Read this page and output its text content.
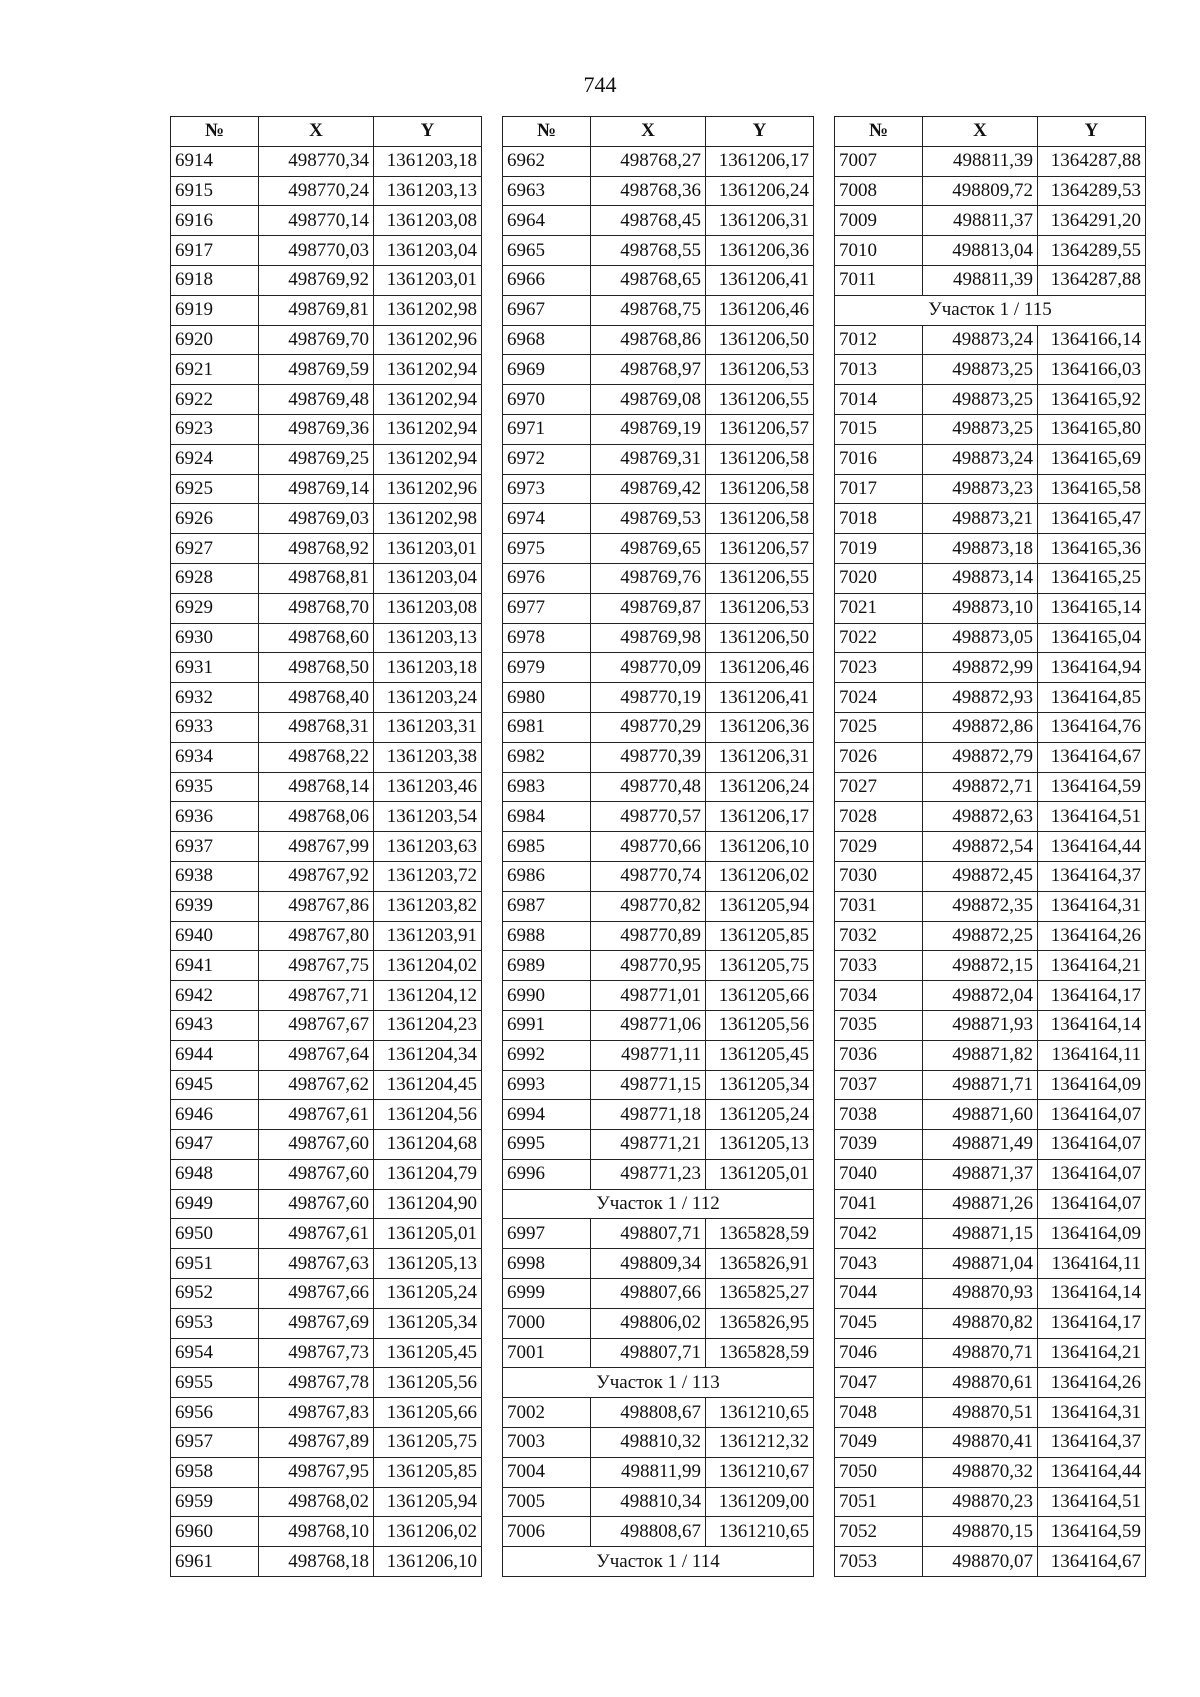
744
№	X	Y
6914	498770,34	1361203,18
6915	498770,24	1361203,13
6916	498770,14	1361203,08
6917	498770,03	1361203,04
6918	498769,92	1361203,01
6919	498769,81	1361202,98
6920	498769,70	1361202,96
6921	498769,59	1361202,94
6922	498769,48	1361202,94
6923	498769,36	1361202,94
6924	498769,25	1361202,94
6925	498769,14	1361202,96
6926	498769,03	1361202,98
6927	498768,92	1361203,01
6928	498768,81	1361203,04
6929	498768,70	1361203,08
6930	498768,60	1361203,13
6931	498768,50	1361203,18
6932	498768,40	1361203,24
6933	498768,31	1361203,31
6934	498768,22	1361203,38
6935	498768,14	1361203,46
6936	498768,06	1361203,54
6937	498767,99	1361203,63
6938	498767,92	1361203,72
6939	498767,86	1361203,82
6940	498767,80	1361203,91
6941	498767,75	1361204,02
6942	498767,71	1361204,12
6943	498767,67	1361204,23
6944	498767,64	1361204,34
6945	498767,62	1361204,45
6946	498767,61	1361204,56
6947	498767,60	1361204,68
6948	498767,60	1361204,79
6949	498767,60	1361204,90
6950	498767,61	1361205,01
6951	498767,63	1361205,13
6952	498767,66	1361205,24
6953	498767,69	1361205,34
6954	498767,73	1361205,45
6955	498767,78	1361205,56
6956	498767,83	1361205,66
6957	498767,89	1361205,75
6958	498767,95	1361205,85
6959	498768,02	1361205,94
6960	498768,10	1361206,02
6961	498768,18	1361206,10
№	X	Y
6962	498768,27	1361206,17
6963	498768,36	1361206,24
6964	498768,45	1361206,31
6965	498768,55	1361206,36
6966	498768,65	1361206,41
6967	498768,75	1361206,46
6968	498768,86	1361206,50
6969	498768,97	1361206,53
6970	498769,08	1361206,55
6971	498769,19	1361206,57
6972	498769,31	1361206,58
6973	498769,42	1361206,58
6974	498769,53	1361206,58
6975	498769,65	1361206,57
6976	498769,76	1361206,55
6977	498769,87	1361206,53
6978	498769,98	1361206,50
6979	498770,09	1361206,46
6980	498770,19	1361206,41
6981	498770,29	1361206,36
6982	498770,39	1361206,31
6983	498770,48	1361206,24
6984	498770,57	1361206,17
6985	498770,66	1361206,10
6986	498770,74	1361206,02
6987	498770,82	1361205,94
6988	498770,89	1361205,85
6989	498770,95	1361205,75
6990	498771,01	1361205,66
6991	498771,06	1361205,56
6992	498771,11	1361205,45
6993	498771,15	1361205,34
6994	498771,18	1361205,24
6995	498771,21	1361205,13
6996	498771,23	1361205,01
Участок 1 / 112		
6997	498807,71	1365828,59
6998	498809,34	1365826,91
6999	498807,66	1365825,27
7000	498806,02	1365826,95
7001	498807,71	1365828,59
Участок 1 / 113		
7002	498808,67	1361210,65
7003	498810,32	1361212,32
7004	498811,99	1361210,67
7005	498810,34	1361209,00
7006	498808,67	1361210,65
Участок 1 / 114		
№	X	Y
7007	498811,39	1364287,88
7008	498809,72	1364289,53
7009	498811,37	1364291,20
7010	498813,04	1364289,55
7011	498811,39	1364287,88
Участок 1 / 115		
7012	498873,24	1364166,14
7013	498873,25	1364166,03
7014	498873,25	1364165,92
7015	498873,25	1364165,80
7016	498873,24	1364165,69
7017	498873,23	1364165,58
7018	498873,21	1364165,47
7019	498873,18	1364165,36
7020	498873,14	1364165,25
7021	498873,10	1364165,14
7022	498873,05	1364165,04
7023	498872,99	1364164,94
7024	498872,93	1364164,85
7025	498872,86	1364164,76
7026	498872,79	1364164,67
7027	498872,71	1364164,59
7028	498872,63	1364164,51
7029	498872,54	1364164,44
7030	498872,45	1364164,37
7031	498872,35	1364164,31
7032	498872,25	1364164,26
7033	498872,15	1364164,21
7034	498872,04	1364164,17
7035	498871,93	1364164,14
7036	498871,82	1364164,11
7037	498871,71	1364164,09
7038	498871,60	1364164,07
7039	498871,49	1364164,07
7040	498871,37	1364164,07
7041	498871,26	1364164,07
7042	498871,15	1364164,09
7043	498871,04	1364164,11
7044	498870,93	1364164,14
7045	498870,82	1364164,17
7046	498870,71	1364164,21
7047	498870,61	1364164,26
7048	498870,51	1364164,31
7049	498870,41	1364164,37
7050	498870,32	1364164,44
7051	498870,23	1364164,51
7052	498870,15	1364164,59
7053	498870,07	1364164,67
